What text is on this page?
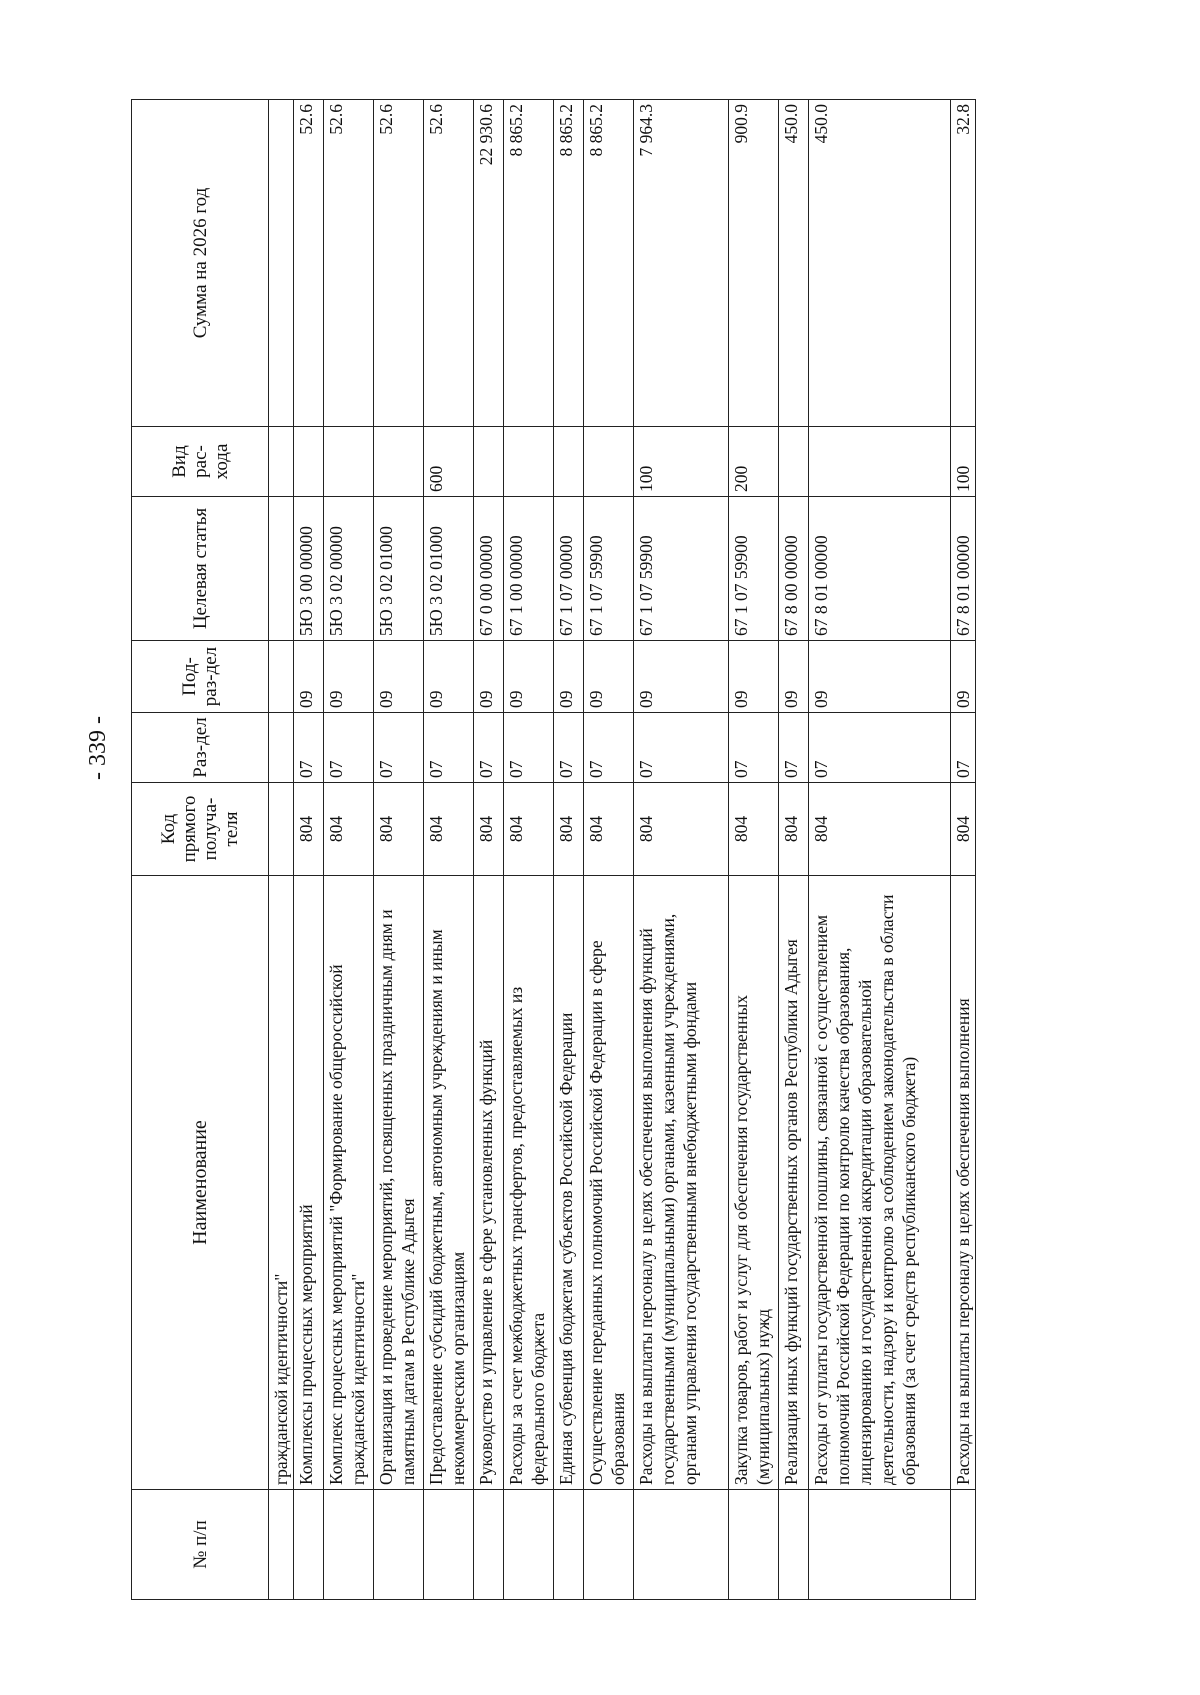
- 339 -
№ п/п	Наименование	Код прямого получа-теля	Раз-дел	Под-раз-дел	Целевая статья	Вид рас-хода	Сумма на 2026 год
	гражданской идентичности"						
	Комплексы процессных мероприятий	804	07	09	5Ю 3 00 00000		52.6
	Комплекс процессных мероприятий "Формирование общероссийской гражданской идентичности"	804	07	09	5Ю 3 02 00000		52.6
	Организация и проведение мероприятий, посвященных праздничным дням и памятным датам в Республике Адыгея	804	07	09	5Ю 3 02 01000		52.6
	Предоставление субсидий бюджетным, автономным учреждениям и иным некоммерческим организациям	804	07	09	5Ю 3 02 01000	600	52.6
	Руководство и управление в сфере установленных функций	804	07	09	67 0 00 00000		22 930.6
	Расходы за счет межбюджетных трансфертов, предоставляемых из федерального бюджета	804	07	09	67 1 00 00000		8 865.2
	Единая субвенция бюджетам субъектов Российской Федерации	804	07	09	67 1 07 00000		8 865.2
	Осуществление переданных полномочий Российской Федерации в сфере образования	804	07	09	67 1 07 59900		8 865.2
	Расходы на выплаты персоналу в целях обеспечения выполнения функций государственными (муниципальными) органами, казенными учреждениями, органами управления государственными внебюджетными фондами	804	07	09	67 1 07 59900	100	7 964.3
	Закупка товаров, работ и услуг для обеспечения государственных (муниципальных) нужд	804	07	09	67 1 07 59900	200	900.9
	Реализация иных функций государственных органов Республики Адыгея	804	07	09	67 8 00 00000		450.0
	Расходы от уплаты государственной пошлины, связанной с осуществлением полномочий Российской Федерации по контролю качества образования, лицензированию и государственной аккредитации образовательной деятельности, надзору и контролю за соблюдением законодательства в области образования (за счет средств республиканского бюджета)	804	07	09	67 8 01 00000		450.0
	Расходы на выплаты персоналу в целях обеспечения выполнения	804	07	09	67 8 01 00000	100	32.8
